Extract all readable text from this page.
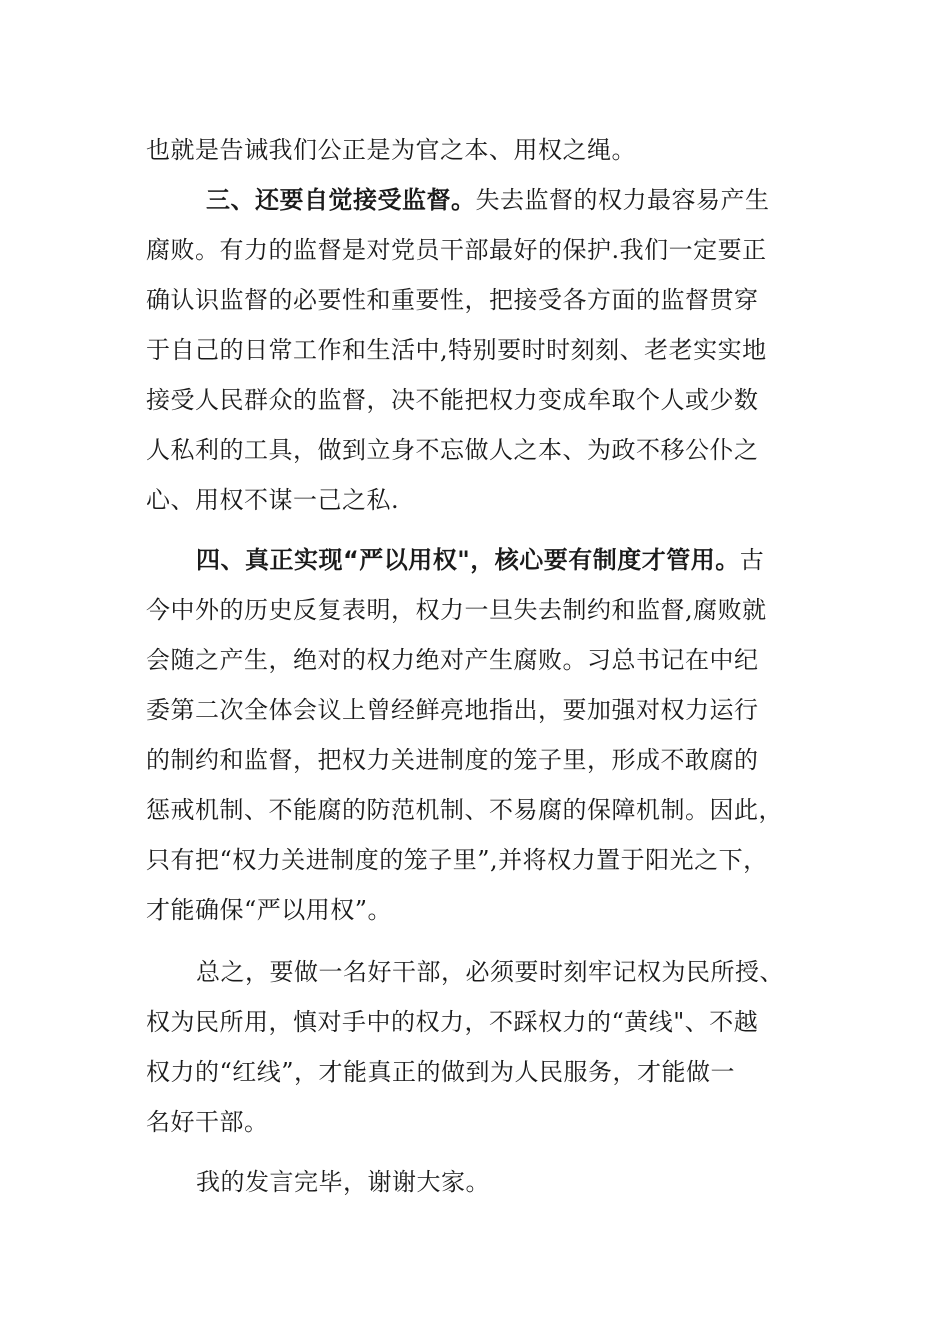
也就是告诫我们公正是为官之本、用权之绳。
三、还要自觉接受监督。失去监督的权力最容易产生
腐败。有力的监督是对党员干部最好的保护.我们一定要正
确认识监督的必要性和重要性，把接受各方面的监督贯穿
于自己的日常工作和生活中,特别要时时刻刻、老老实实地
接受人民群众的监督，决不能把权力变成牟取个人或少数
人私利的工具，做到立身不忘做人之本、为政不移公仆之
心、用权不谋一己之私.
四、真正实现“严以用权"，核心要有制度才管用。古
今中外的历史反复表明，权力一旦失去制约和监督,腐败就
会随之产生，绝对的权力绝对产生腐败。习总书记在中纪
委第二次全体会议上曾经鲜亮地指出，要加强对权力运行
的制约和监督，把权力关进制度的笼子里，形成不敢腐的
惩戒机制、不能腐的防范机制、不易腐的保障机制。因此，
只有把“权力关进制度的笼子里”,并将权力置于阳光之下，
才能确保“严以用权”。
总之，要做一名好干部，必须要时刻牢记权为民所授、
权为民所用，慎对手中的权力，不踩权力的“黄线"、不越
权力的“红线”，才能真正的做到为人民服务，才能做一
名好干部。
我的发言完毕，谢谢大家。
